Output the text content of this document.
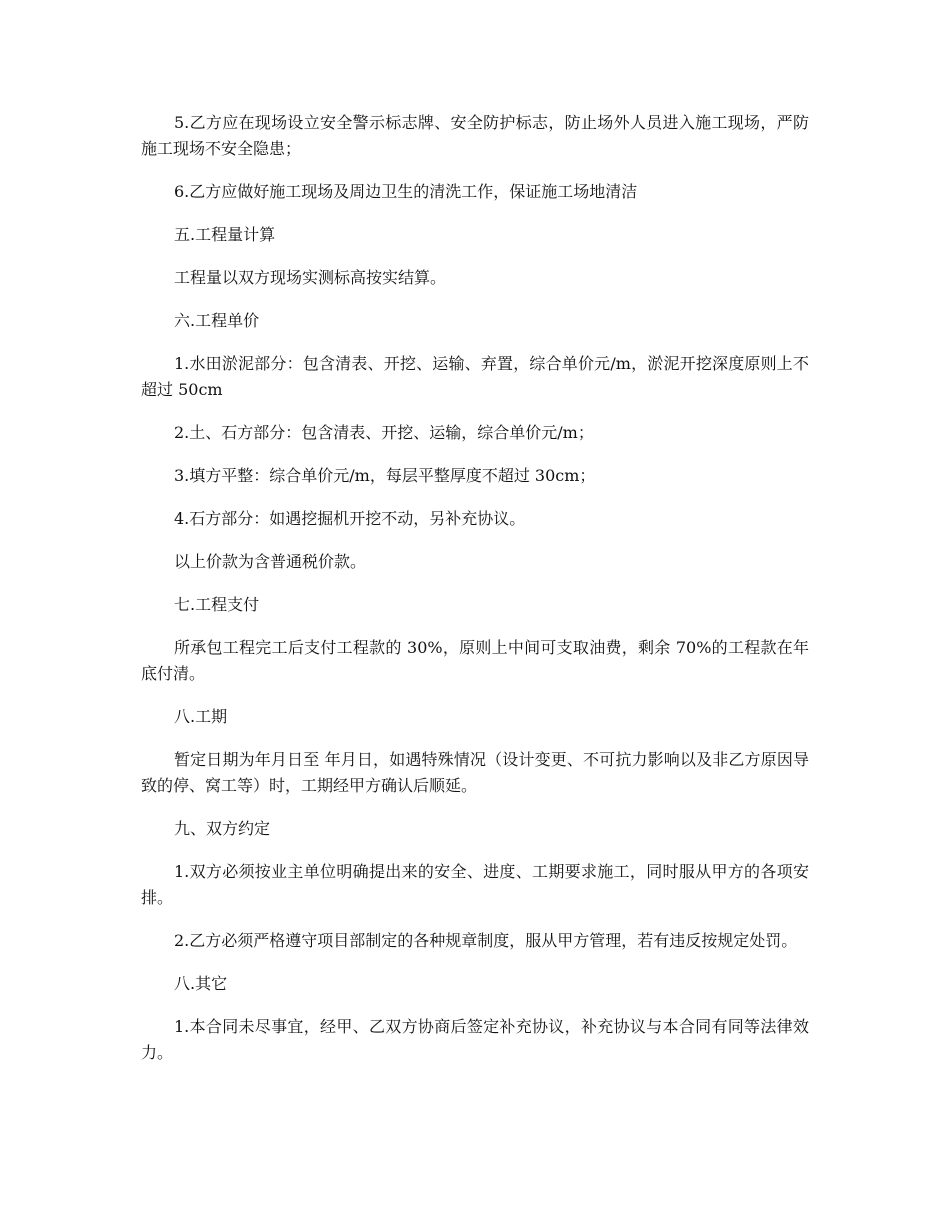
5.乙方应在现场设立安全警示标志牌、安全防护标志，防止场外人员进入施工现场，严防施工现场不安全隐患；

6.乙方应做好施工现场及周边卫生的清洗工作，保证施工场地清洁

五.工程量计算

工程量以双方现场实测标高按实结算。

六.工程单价

1.水田淤泥部分：包含清表、开挖、运输、弃置，综合单价元/m，淤泥开挖深度原则上不超过 50cm

2.土、石方部分：包含清表、开挖、运输，综合单价元/m；

3.填方平整：综合单价元/m，每层平整厚度不超过 30cm；

4.石方部分：如遇挖掘机开挖不动，另补充协议。

以上价款为含普通税价款。

七.工程支付

所承包工程完工后支付工程款的 30%，原则上中间可支取油费，剩余 70%的工程款在年底付清。

八.工期

暂定日期为年月日至 年月日，如遇特殊情况（设计变更、不可抗力影响以及非乙方原因导致的停、窝工等）时，工期经甲方确认后顺延。

九、双方约定

1.双方必须按业主单位明确提出来的安全、进度、工期要求施工，同时服从甲方的各项安排。

2.乙方必须严格遵守项目部制定的各种规章制度，服从甲方管理，若有违反按规定处罚。

八.其它

1.本合同未尽事宜，经甲、乙双方协商后签定补充协议，补充协议与本合同有同等法律效力。
